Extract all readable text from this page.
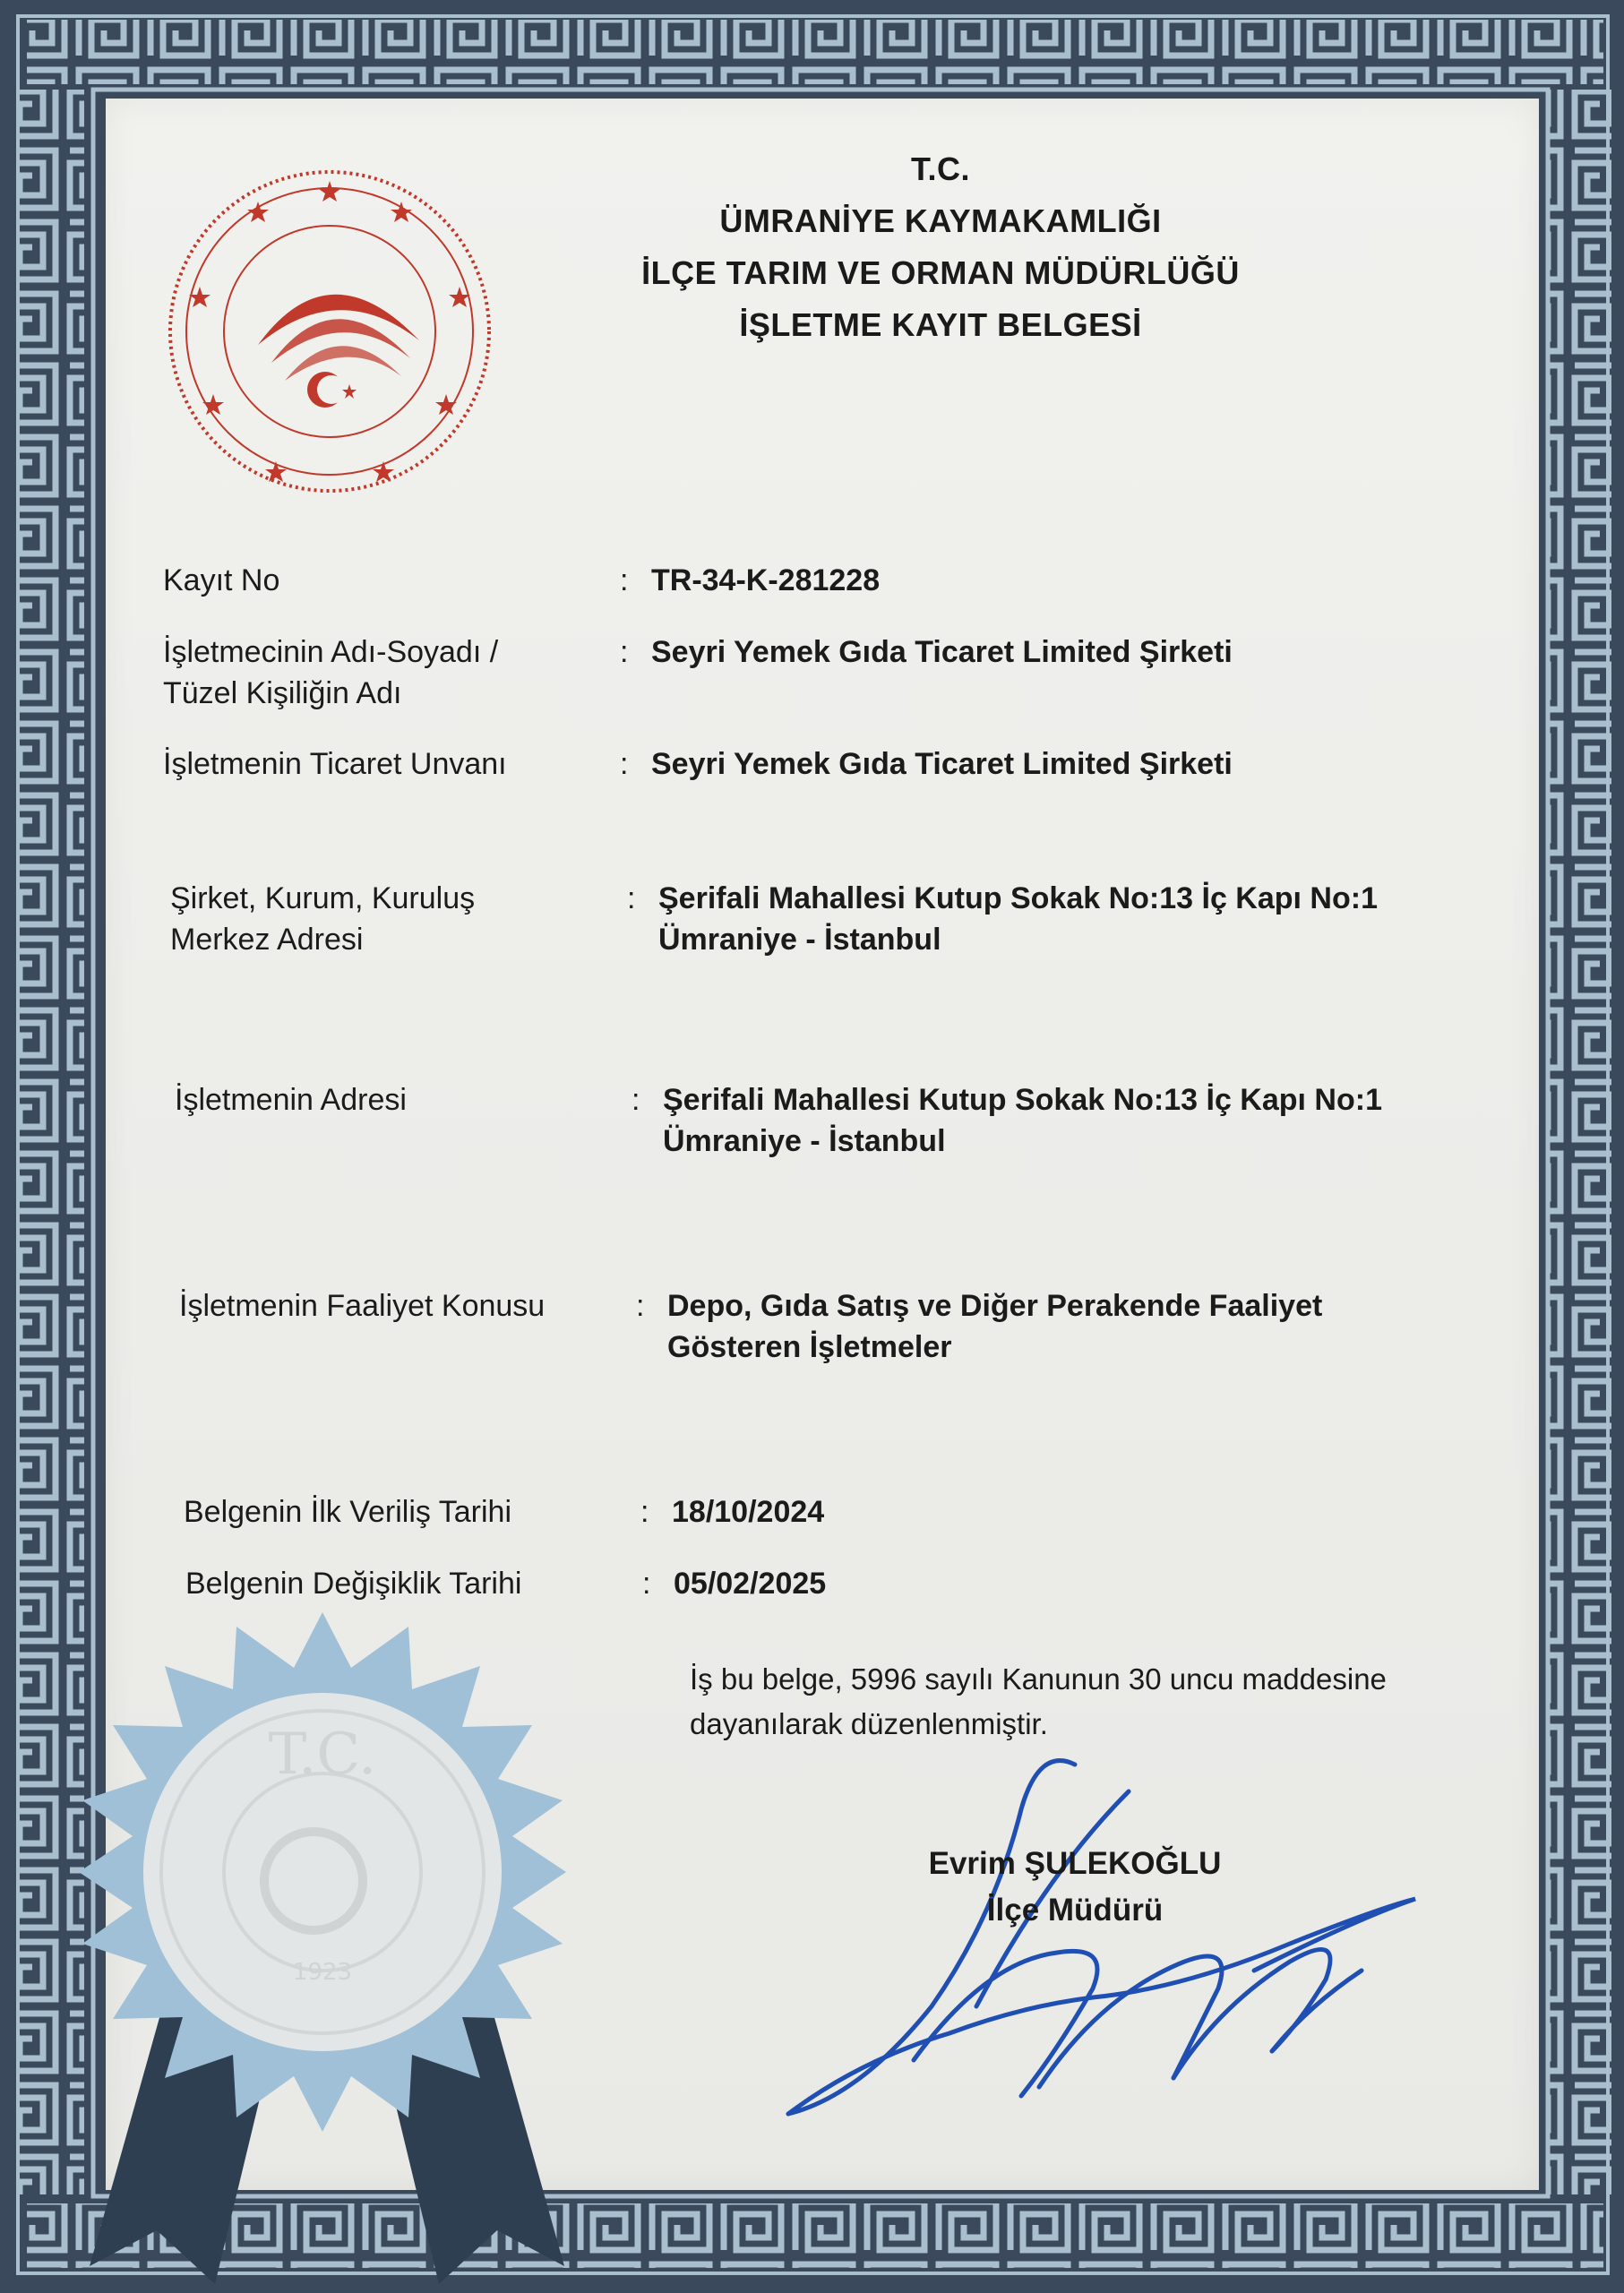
T.C.
ÜMRANİYE KAYMAKAMLIĞI
İLÇE TARIM VE ORMAN MÜDÜRLÜĞÜ
İŞLETME KAYIT BELGESİ
Kayıt No	: TR-34-K-281228
İşletmecinin Adı-Soyadı / Tüzel Kişiliğin Adı
: Seyri Yemek Gıda Ticaret Limited Şirketi
İşletmenin Ticaret Unvanı	: Seyri Yemek Gıda Ticaret Limited Şirketi
Şirket, Kurum, Kuruluş Merkez Adresi
: Şerifali Mahallesi Kutup Sokak No:13 İç Kapı No:1 Ümraniye - İstanbul
İşletmenin Adresi	: Şerifali Mahallesi Kutup Sokak No:13 İç Kapı No:1 Ümraniye - İstanbul
İşletmenin Faaliyet Konusu	: Depo, Gıda Satış ve Diğer Perakende Faaliyet Gösteren İşletmeler
Belgenin İlk Veriliş Tarihi	: 18/10/2024
Belgenin Değişiklik Tarihi	: 05/02/2025
İş bu belge, 5996 sayılı Kanunun 30 uncu maddesine dayanılarak düzenlenmiştir.
Evrim ŞULEKOĞLU
İlçe Müdürü
T.C.
1923
